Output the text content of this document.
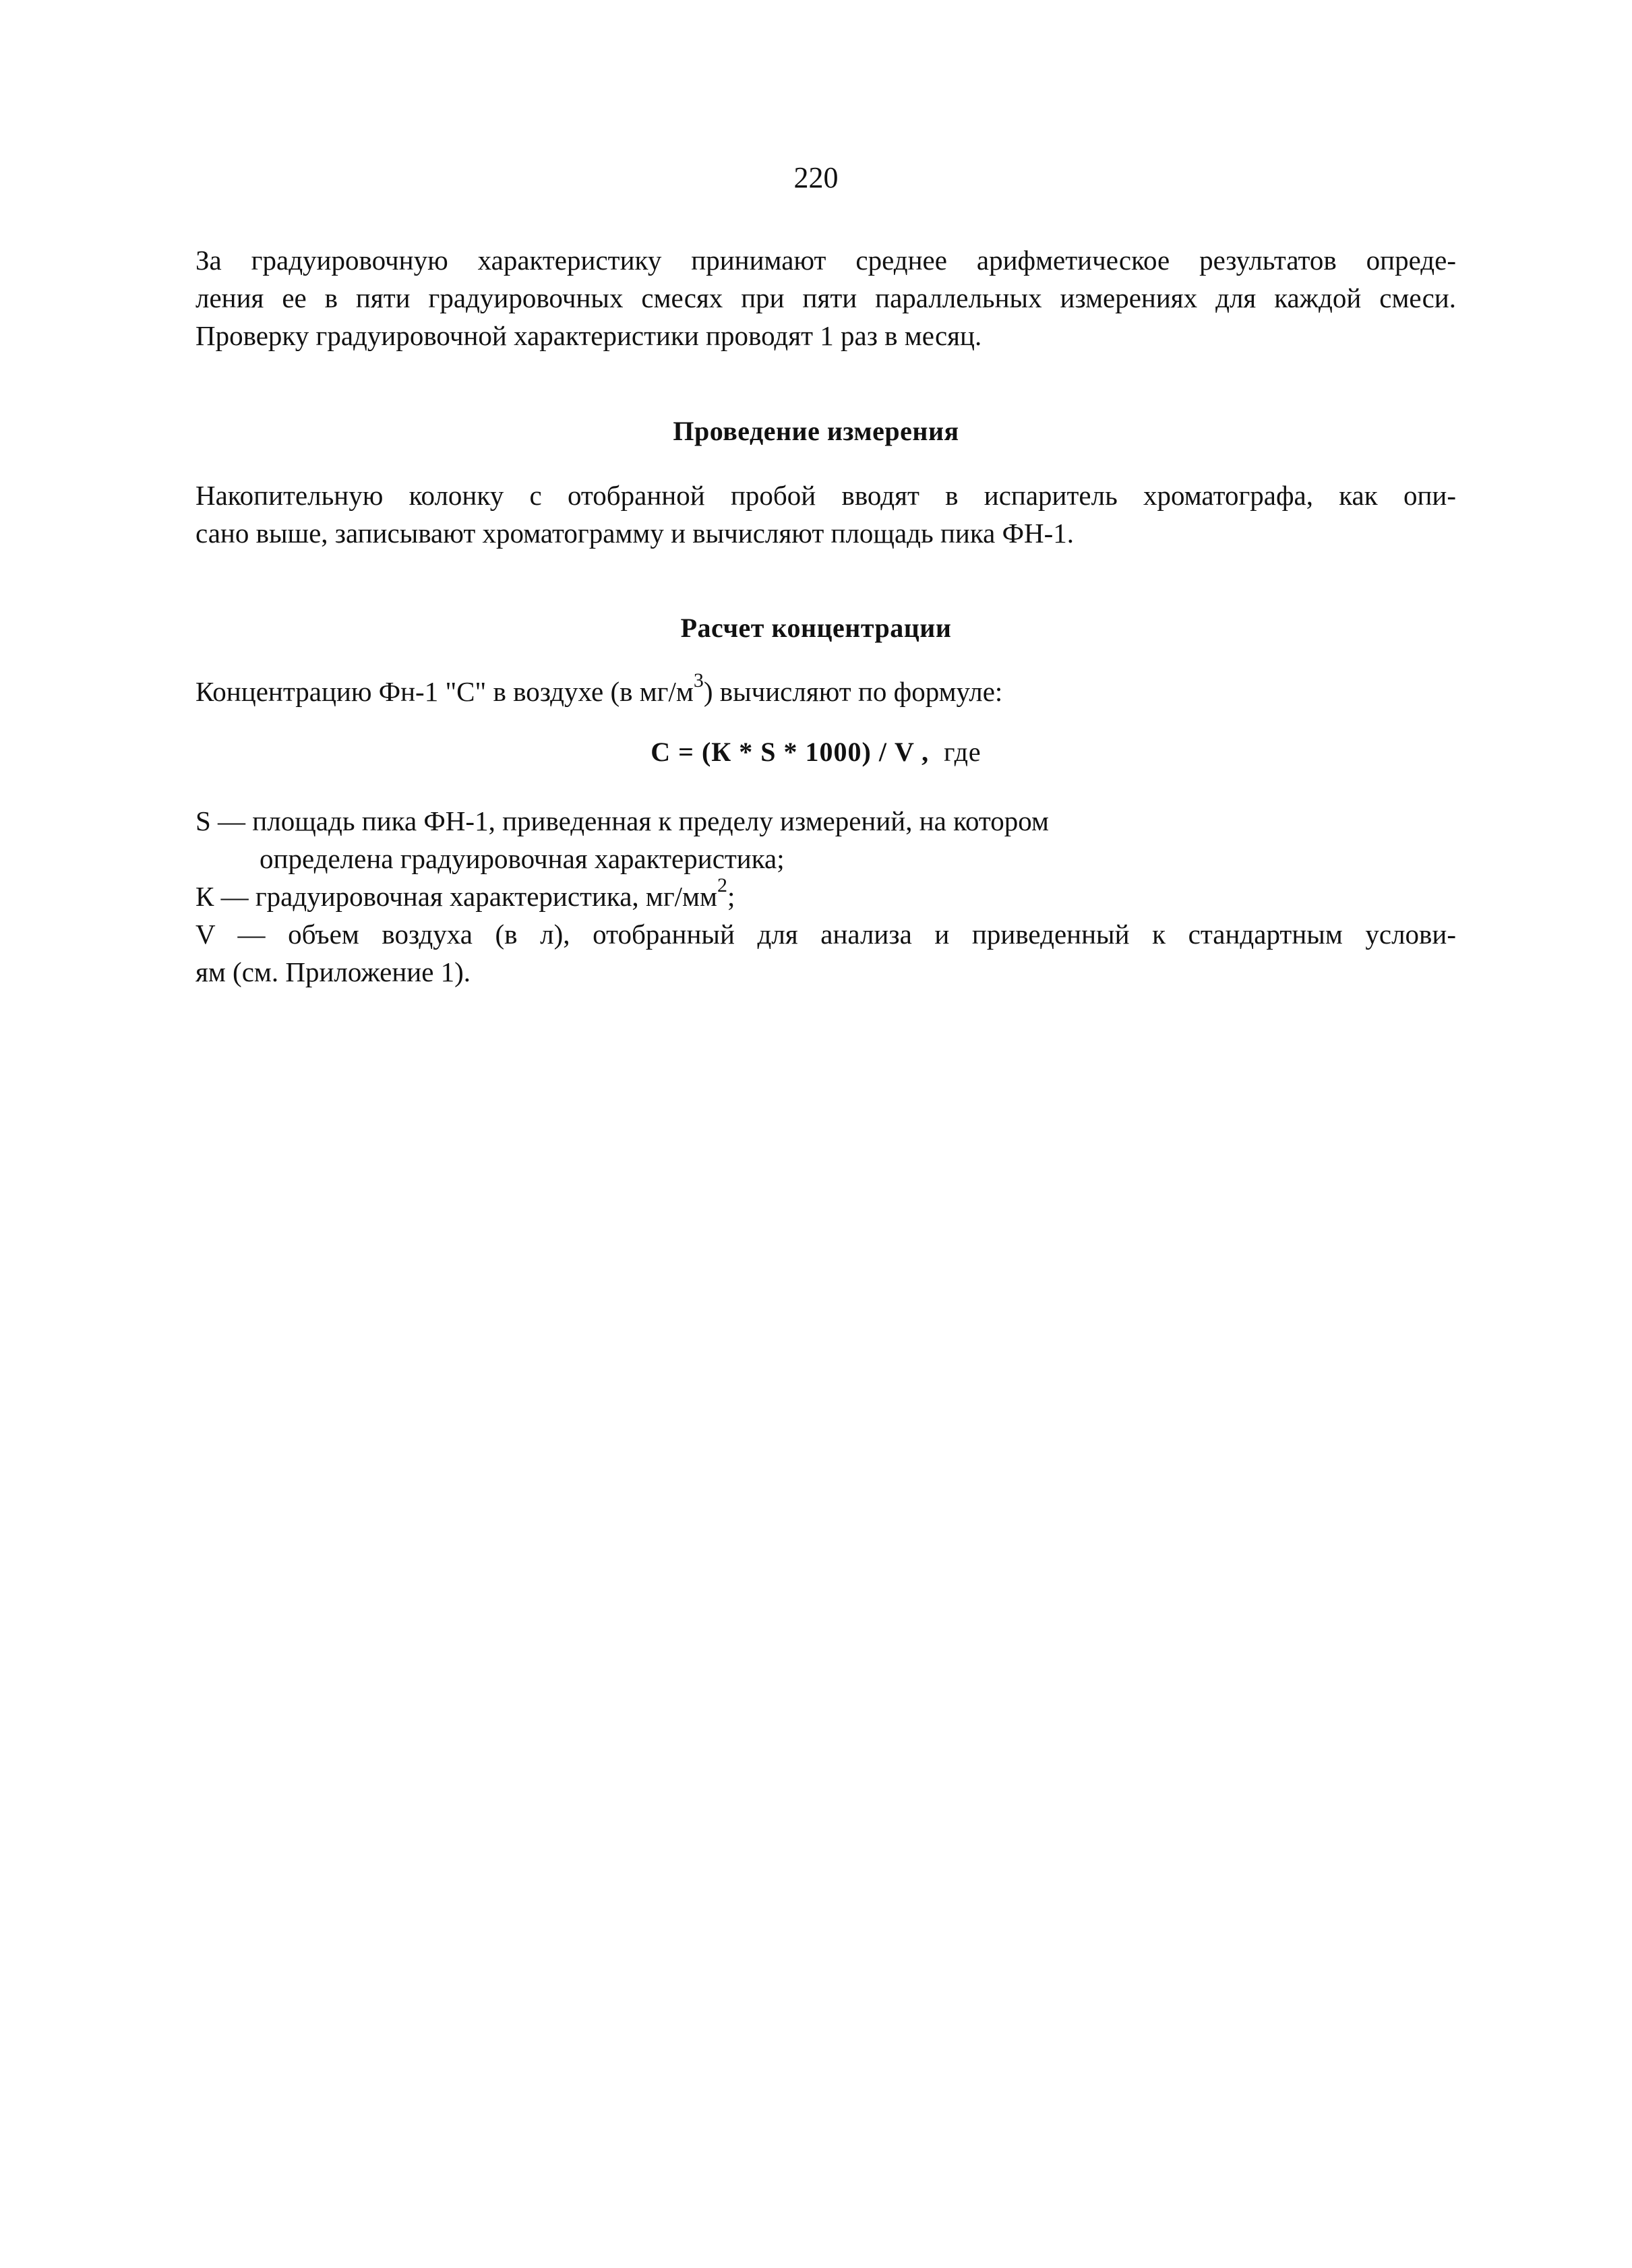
220
За градуировочную характеристику принимают среднее арифметическое результатов опреде-
ления ее в пяти градуировочных смесях при пяти параллельных измерениях для каждой смеси.
Проверку градуировочной характеристики проводят 1 раз в месяц.
Проведение измерения
Накопительную колонку с отобранной пробой вводят в испаритель хроматографа, как опи-
сано выше, записывают хроматограмму и вычисляют площадь пика ФН-1.
Расчет концентрации
Концентрацию Фн-1 "С" в воздухе (в $мг/м^3$) вычисляют по формуле:
С = (К * S * 1000) / V , где
S — площадь пика ФН-1, приведенная к пределу измерений, на котором
определена градуировочная характеристика;
К — градуировочная характеристика, $мг/мм^2$;
V — объем воздуха (в л), отобранный для анализа и приведенный к стандартным услови-
ям (см. Приложение 1).
